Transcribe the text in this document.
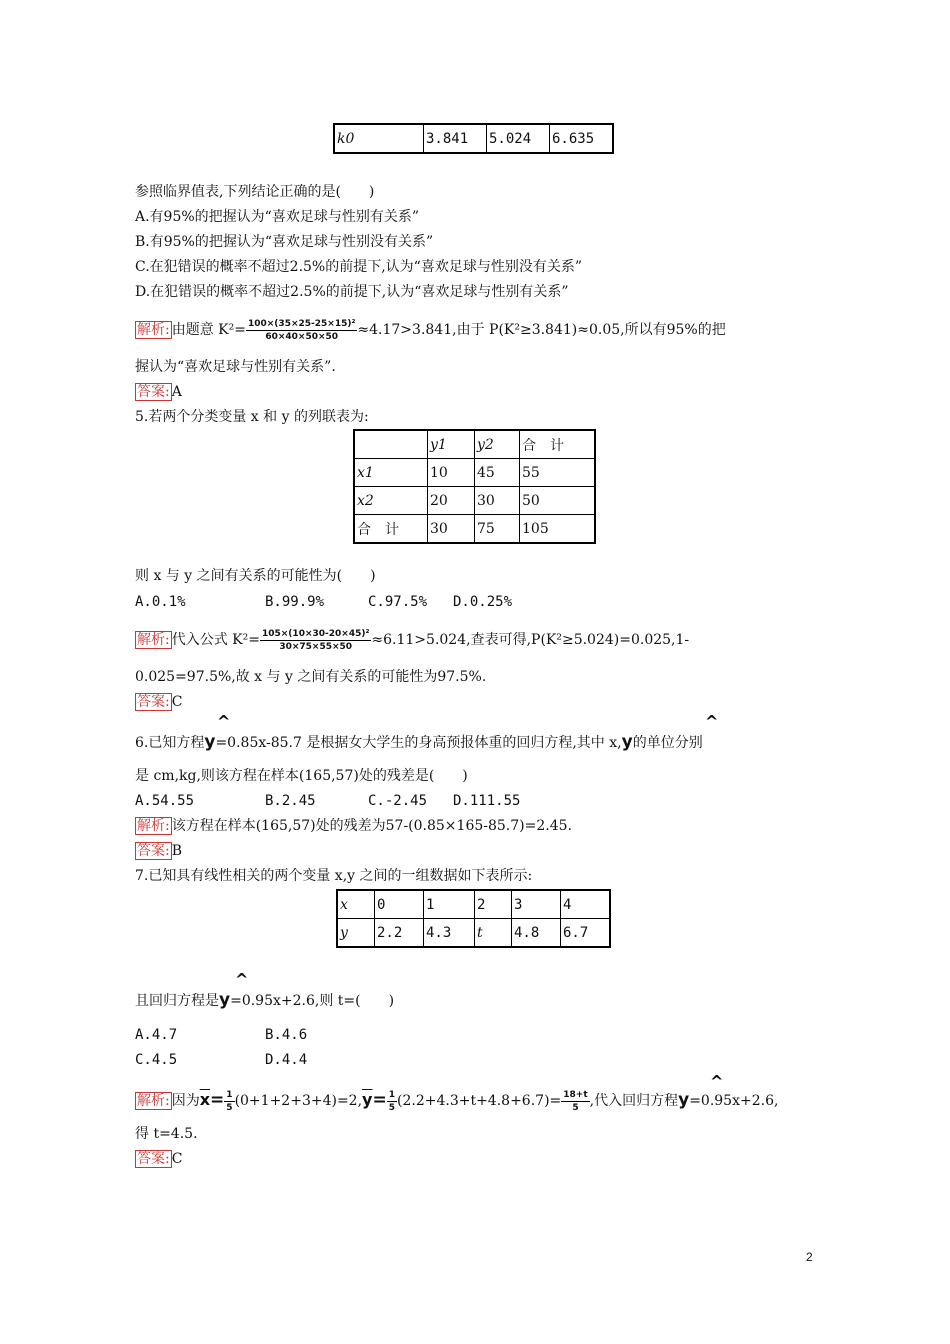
k0	3.841	5.024	6.635
参照临界值表,下列结论正确的是(　　)
A.有95%的把握认为“喜欢足球与性别有关系”
B.有95%的把握认为“喜欢足球与性别没有关系”
C.在犯错误的概率不超过2.5%的前提下,认为“喜欢足球与性别没有关系”
D.在犯错误的概率不超过2.5%的前提下,认为“喜欢足球与性别有关系”
解析: 由题意 $K^2= \frac{\text{100×(35×25-25×15)²}}{60\times 40\times 50\times 50} \approx 4.17>3.841$,由于 P(K²≥3.841)≈0.05,所以有95%的把
握认为“喜欢足球与性别有关系”.
答案: A
5.若两个分类变量 x 和 y 的列联表为:
	y1	y2	合　计
x1	10	45	55
x2	20	30	50
合　计	30	75	105
则 x 与 y 之间有关系的可能性为(　　)
A.0.1%	B.99.9%	C.97.5% D.0.25%
解析: 代入公式 $K^2= \frac{\text{105×(10×30-20×45)²}}{30\times 75\times 55\times 50} \approx 6.11>5.024$,查表可得,P(K²≥5.024)=0.025,1-
0.025=97.5%,故 x 与 y 之间有关系的可能性为97.5%.
答案: C
^	^
6.已知方程y=0.85x-85.7 是根据女大学生的身高预报体重的回归方程,其中 x,y的单位分别
是 cm,kg,则该方程在样本(165,57)处的残差是(　　)
A.54.55	B.2.45	C.-2.45 D.111.55
解析: 该方程在样本(165,57)处的残差为57-(0.85×165-85.7)=2.45.
答案: B
7.已知具有线性相关的两个变量 x,y 之间的一组数据如下表所示:
x	0	1	2	3	4
y	2.2	4.3	t	4.8	6.7
^
且回归方程是y=0.95x+2.6,则 t=(　　)
A.4.7	B.4.6
C.4.5	D.4.4
^
解析: 因为$\overline{x}= \frac{1}{5} (0+1+2+3+4)=2,\overline{y}= \frac{1}{5} (2.2+4.3+t+4.8+6.7)= \frac{18+t}{5}$ ,代入回归方程y=0.95x+2.6,
得 t=4.5.
答案: C
2
